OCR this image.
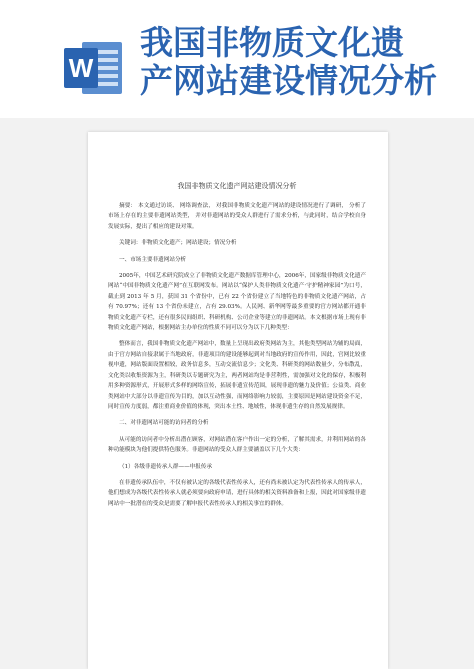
W
我国非物质文化遗
产网站建设情况分析
我国非物质文化遗产网站建设情况分析

摘要： 本文通过访谈、 网络调查法， 对我国非物质文化遗产网站的建设情况进行了调研， 分析了市场上存在的主要非遗网站类型， 并对非遗网站的受众人群进行了需求分析，与此同时，结合学校自身发展实际，提出了相应的建设对策。

关键词：非物质文化遗产；网站建设；情况分析

一、市场主要非遗网站分析

2005年，中国艺术研究院成立了非物质文化遗产数据库管理中心，2006年，国家级非物质文化遗产网站“中国非物质文化遗产网”在互联网发布。网站以“保护人类非物质文化遗产·守护精神家园”为口号，截止到 2013 年 5 月，获国 31 个省份中，已有 22 个省份建立了当地特色的非物质文化遗产网站，占有 70.97%；还有 13 个省份未建立，占有 29.03%。人民网、新华网等最多重要的官方网站都开通非物质文化遗产专栏，还有很多民间组织、科研机构、公司企业等建立的非遗网站。本文根据市场上现有非物质文化遗产网站，根据网站主办单位的性质不同可以分为以下几种类型：

整体而言，我国非物质文化遗产网站中，数量上呈现出政府类网站为主，其他类型网站为辅的局面，由于官方网站自接隶属于当地政府，非遗项目的建设能够起到对当地政府的宣传作用，因此，官网比较重视申遗，网站版面设置相较，政务信息多，互动交流信息少；文化类、科研类的网站数量少，分布散乱，文化类以收集资源为主，科研类以专题研究为主，两者网站均是非营利性，需加强对文化的保存，积极利用多种资源形式，开展形式多样的网络宣传，拓展非遗宣传范围，展现非遗的魅力及价值；公益类、商业类网站中大部分以非遗宣传为目的，加以互动性强，而网络影响力较弱，主要原因是网站建设资金不足，同时宣传力度弱，都注重商业价值的体现，突出本土性、地域性，体现非遗生存的自然发展规律。

二、对非遗网站可能的访问者的分析

从可能的访问者中分析出潜在顾客，对网站潜在客户作出一定的分析，了解其需求，并利用网站的各种功能模块为他们提供特色服务。非遗网站的受众人群主要涵盖以下几个大类：

（1）各级非遗传承人群——申报传承

在非遗传承队伍中，不仅有被认定的各级代表性传承人，还有尚未被认定为代表性传承人的传承人，他们想成为各级代表性传承人就必须要向政府申请，进行具体的相关资料准备和上报，因此对国家级非遗网站中一批潜在的受众是需要了解申报代表性传承人的相关事宜的群体。
